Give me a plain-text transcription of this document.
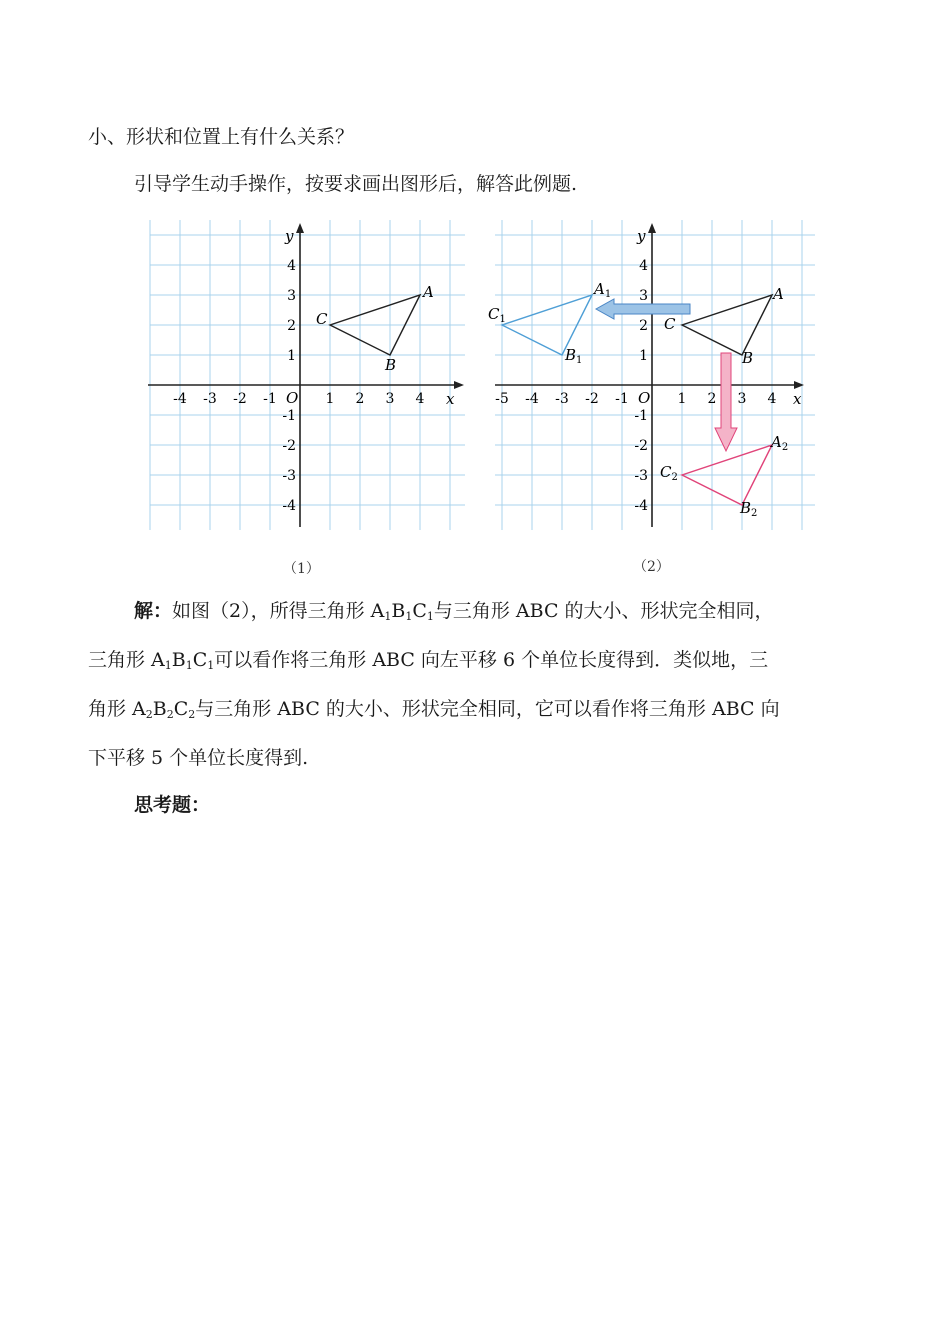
小、形状和位置上有什么关系？
引导学生动手操作，按要求画出图形后，解答此例题.
x
y
O
-4 -3 -2 -1	1 2 3 4
4
3
2
1
-1
-2
-3
-4
A
B
C
（1）
x
y
O
-5 -4 -3 -2 -1	1 2 3 4
4
3
2
1
-1
-2
-3
-4
A
B
C
$A_1$
$B_1$
$C_1$
$A_2$
$B_2$
$C_2$
（2）
解：如图（2），所得三角形 $A_1B_1C_1$与三角形 ABC 的大小、形状完全相同，
三角形 $A_1B_1C_1$可以看作将三角形 ABC 向左平移 6 个单位长度得到．类似地，三
角形 $A_2B_2C_2$与三角形 ABC 的大小、形状完全相同，它可以看作将三角形 ABC 向
下平移 5 个单位长度得到.
思考题：
